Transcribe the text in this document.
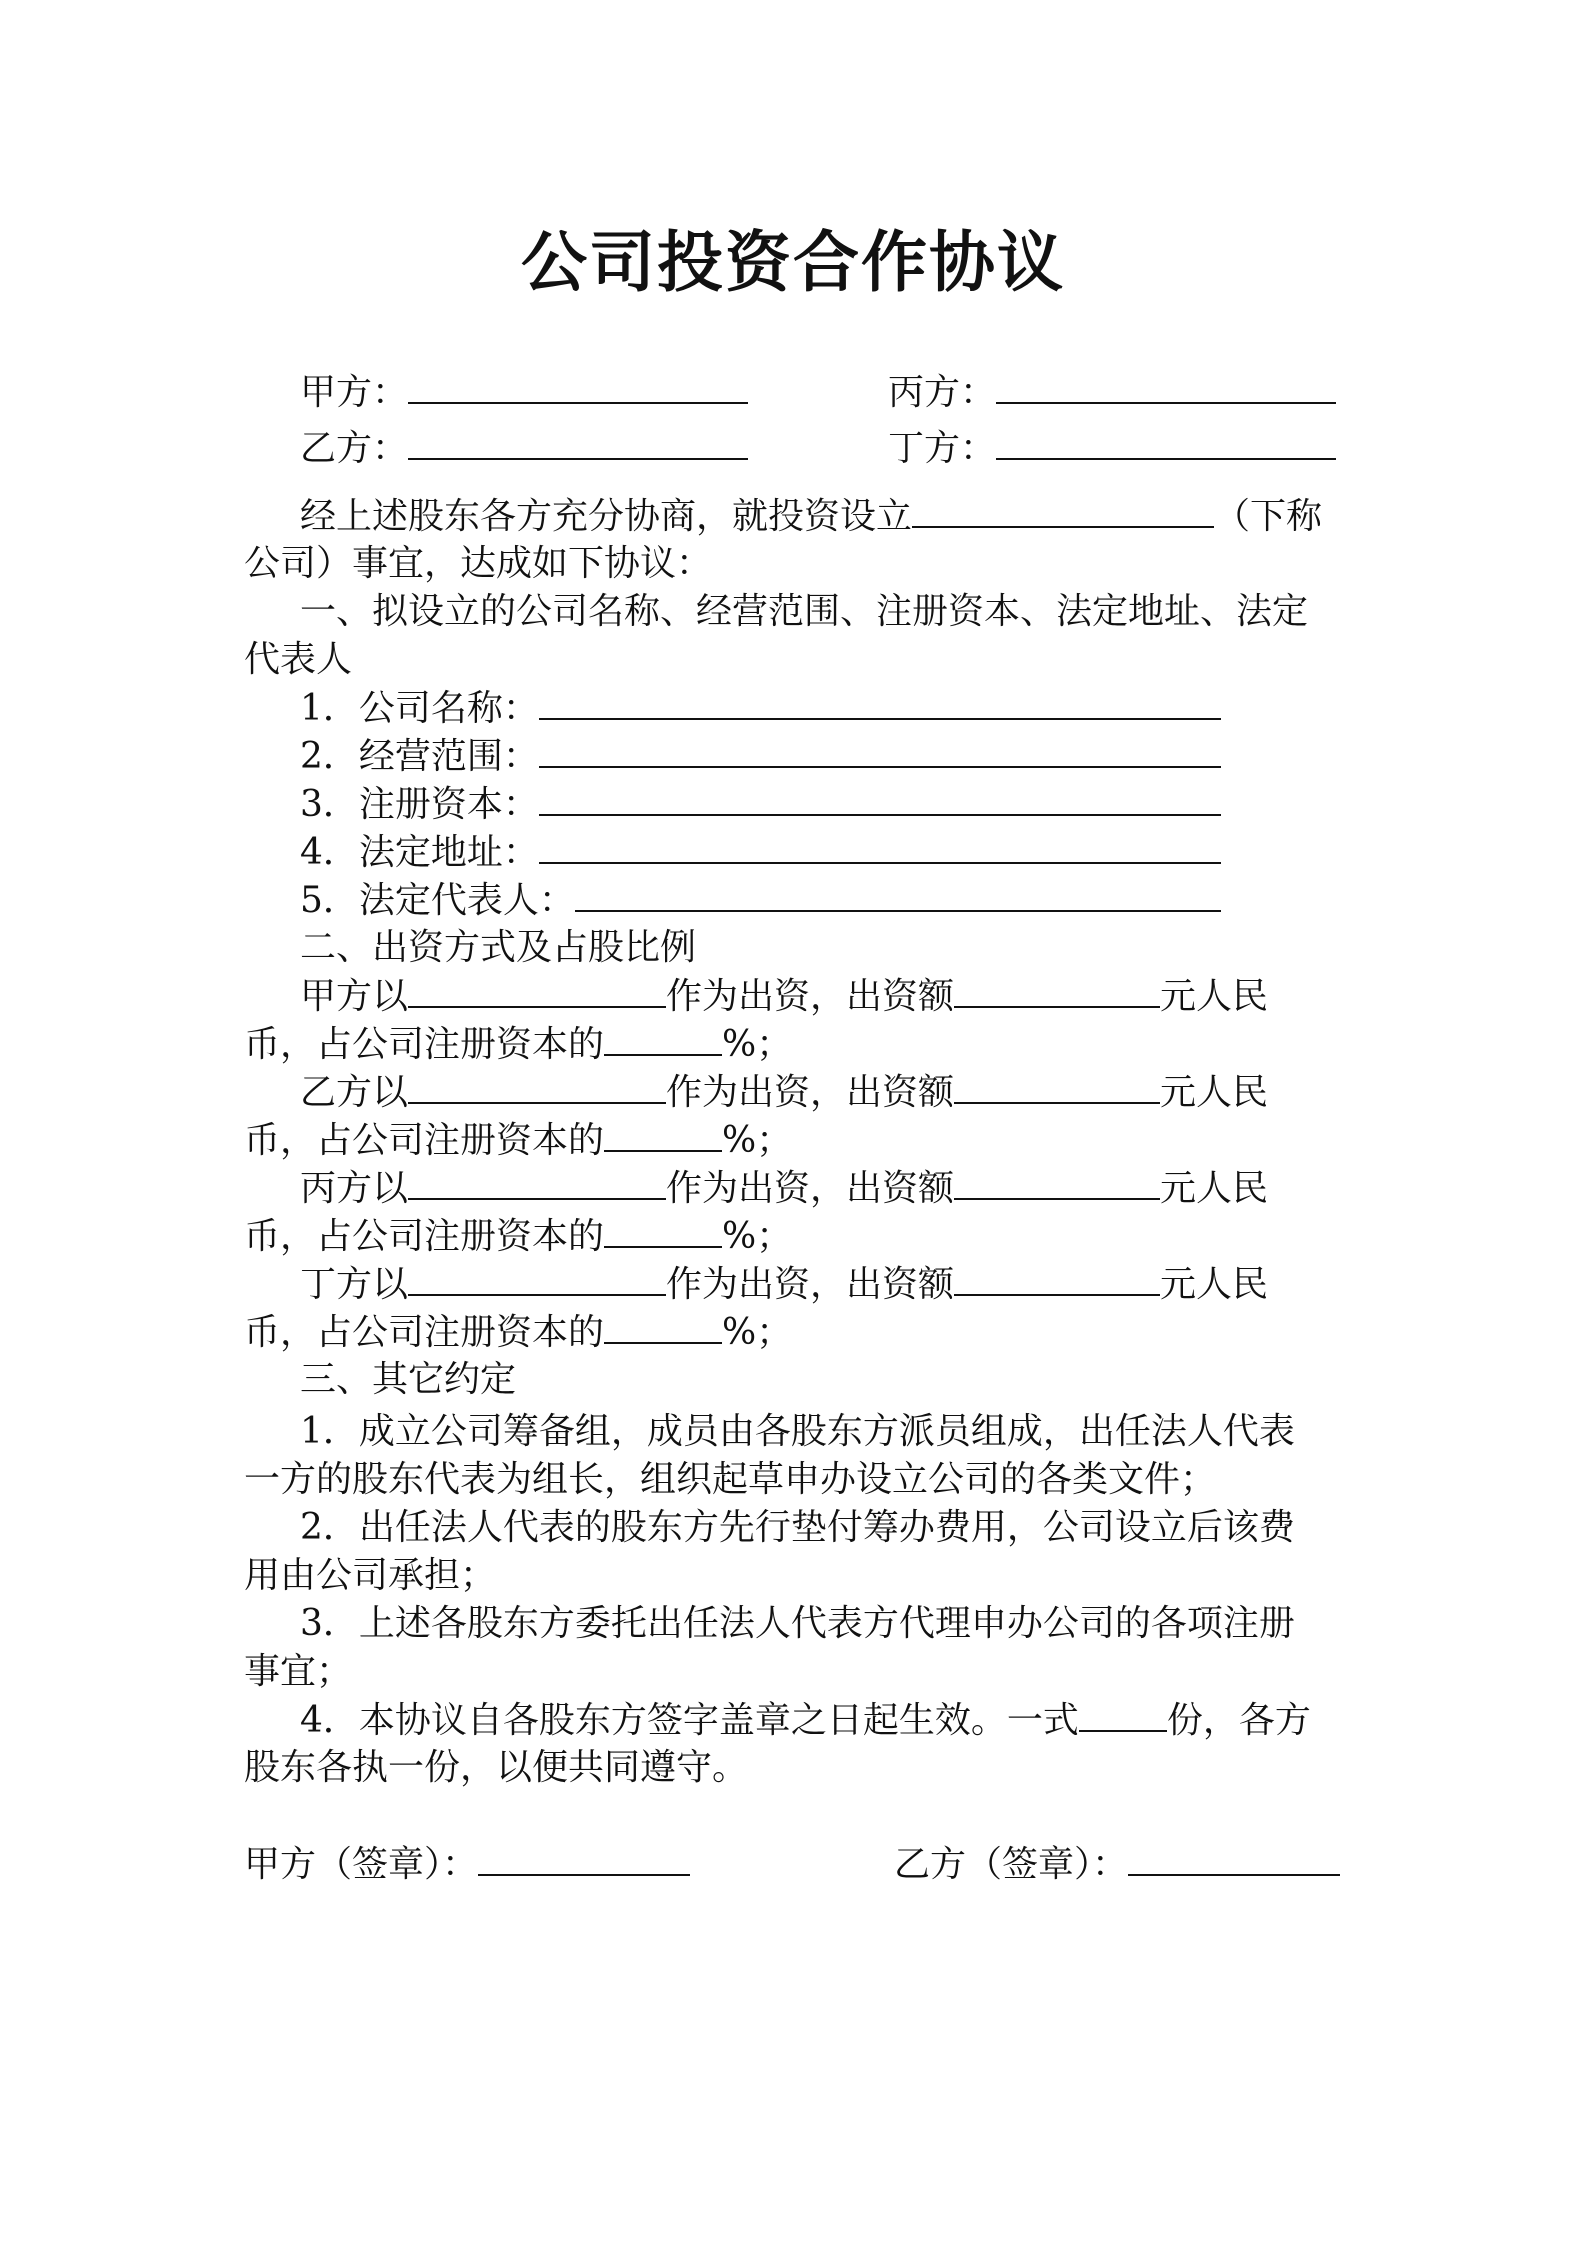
公司投资合作协议
甲方：	丙方：
乙方：	丁方：
经上述股东各方充分协商，就投资设立	（下称
公司）事宜，达成如下协议：
一、拟设立的公司名称、经营范围、注册资本、法定地址、法定
代表人
1．公司名称：
2．经营范围：
3．注册资本：
4．法定地址：
5．法定代表人：
二、出资方式及占股比例
甲方以	作为出资，出资额	元人民
币，占公司注册资本的	%；
乙方以	作为出资，出资额	元人民
币，占公司注册资本的	%；
丙方以	作为出资，出资额	元人民
币，占公司注册资本的	%；
丁方以	作为出资，出资额	元人民
币，占公司注册资本的	%；
三、其它约定
1．成立公司筹备组，成员由各股东方派员组成，出任法人代表
一方的股东代表为组长，组织起草申办设立公司的各类文件；
2．出任法人代表的股东方先行垫付筹办费用，公司设立后该费
用由公司承担；
3．上述各股东方委托出任法人代表方代理申办公司的各项注册
事宜；
4．本协议自各股东方签字盖章之日起生效。一式 份，各方
股东各执一份，以便共同遵守。
甲方（签章）：	乙方（签章）：
